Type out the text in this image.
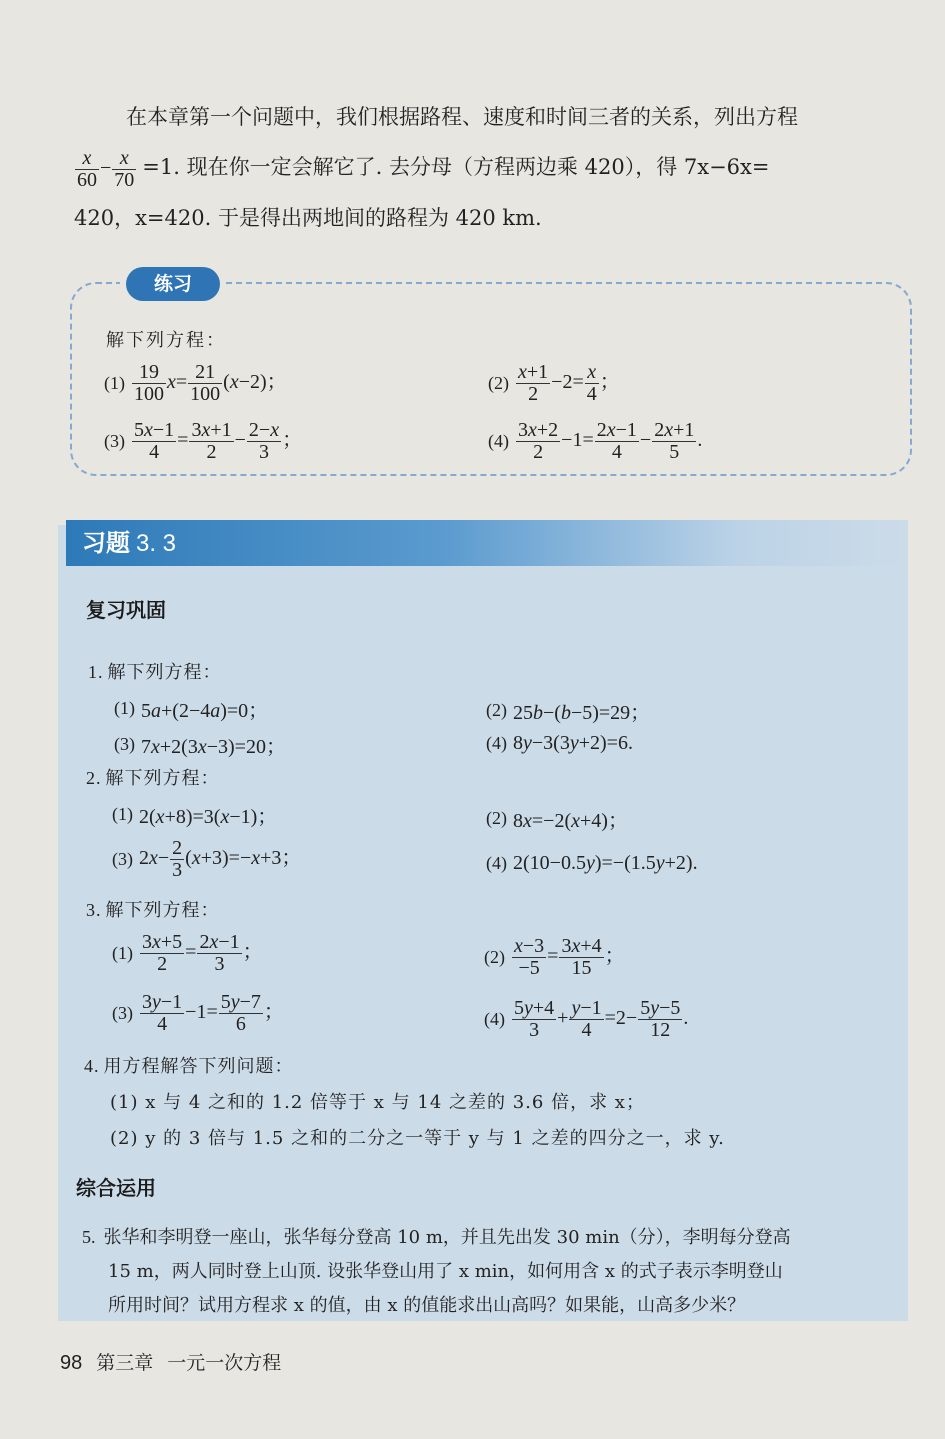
在本章第一个问题中，我们根据路程、速度和时间三者的关系，列出方程

$\frac{x}{60} - \frac{x}{70} =1$. 现在你一定会解它了. 去分母（方程两边乘 420），得 7x−6x=

420，x=420. 于是得出两地间的路程为 420 km.

练习
解下列方程：
$(1) \frac{19}{100} x= \frac{21}{100} (x-2)$；	$(2) \frac{x+1}{2} -2= \frac{x}{4}$ ；
$(3) \frac{5x-1}{4} = \frac{3x+1}{2} - \frac{2-x}{3}$ ；	$(4) \frac{3x+2}{2} -1= \frac{2x-1}{4} - \frac{2x+1}{5}$ .
习题 3. 3
复习巩固
1. 解下列方程：
(1) 5a+(2−4a)=0；	(2) 25b−(b−5)=29；
(3) 7x+2(3x−3)=20；	(4) 8y−3(3y+2)=6.
2. 解下列方程：
(1) 2(x+8)=3(x−1)；	(2) 8x=−2(x+4)；
(3) $2x- \frac{2}{3} (x+3)=-x+3$；	(4) 2(10−0.5y)=−(1.5y+2).
3. 解下列方程：
$(1) \frac{3x+5}{2} = \frac{2x-1}{3}$ ；	$(2) \frac{x-3}{-5} = \frac{3x+4}{15}$ ；
$(3) \frac{3y-1}{4} -1= \frac{5y-7}{6}$ ；	$(4) \frac{5y+4}{3} + \frac{y-1}{4} =2- \frac{5y-5}{12}$ .
4. 用方程解答下列问题：
(1) x 与 4 之和的 1.2 倍等于 x 与 14 之差的 3.6 倍，求 x；
(2) y 的 3 倍与 1.5 之和的二分之一等于 y 与 1 之差的四分之一，求 y.
综合运用
5. 张华和李明登一座山，张华每分登高 10 m，并且先出发 30 min（分），李明每分登高
15 m，两人同时登上山顶. 设张华登山用了 x min，如何用含 x 的式子表示李明登山
所用时间？试用方程求 x 的值，由 x 的值能求出山高吗？如果能，山高多少米？
98 第三章 一元一次方程
